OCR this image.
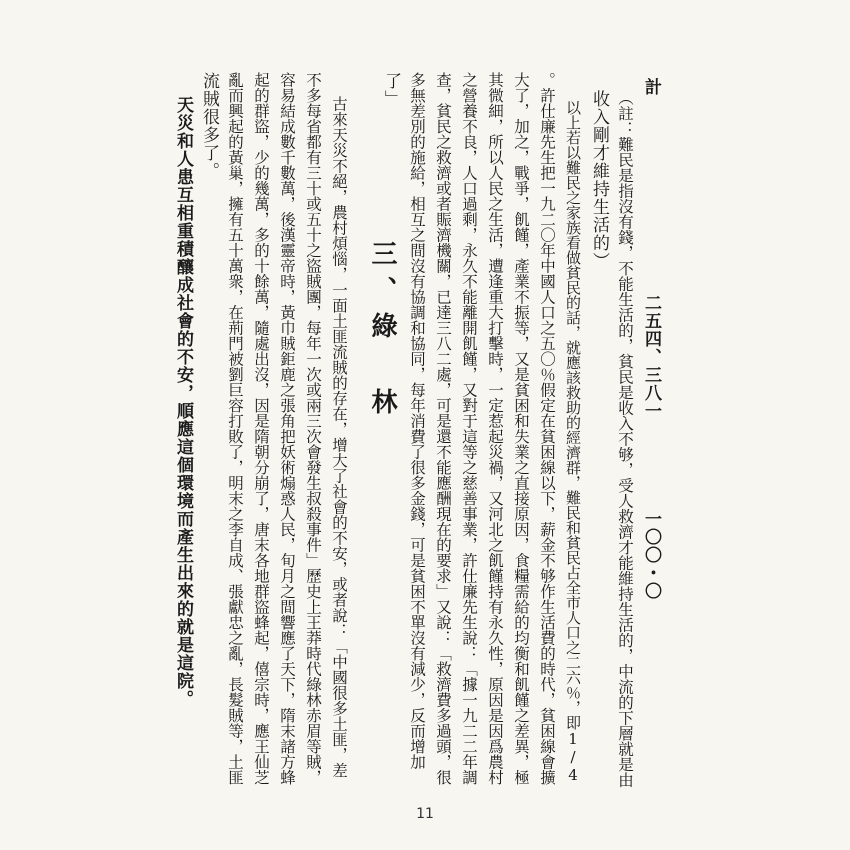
計　　　　　　　　　　　二五四、三八一　　　　　一〇〇・〇
（註：難民是指沒有錢，不能生活的，貧民是收入不够，受人救濟才能維持生活的，中流的下層就是由
收入剛才維持生活的）
以上若以難民之家族看做貧民的話，就應該救助的經濟群，難民和貧民占全市人口之二六％，即1/4
。許仕廉先生把一九二〇年中國人口之五〇％假定在貧困線以下，薪金不够作生活費的時代，貧困線會擴
大了，加之，戰爭，飢饉，產業不振等，又是貧困和失業之直接原因，食糧需給的均衡和飢饉之差異，極
其微細，所以人民之生活，遭逢重大打擊時，一定惹起災禍，又河北之飢饉持有永久性，原因是因爲農村
之營養不良，人口過剩，永久不能離開飢饉，又對于這等之慈善事業，許仕廉先生說：「據一九二二年調
查，貧民之救濟或者賑濟機關，已達三八二處，可是還不能應酬現在的要求」又說：「救濟費多過頭，很
多無差別的施給，相互之間沒有協調和協同，每年消費了很多金錢，可是貧困不單沒有減少，反而增加
了」
三、綠 林
古來天災不絕，農村煩惱，一面土匪流賊的存在，增大了社會的不安，或者說：「中國很多土匪，差
不多每省都有三十或五十之盜賊團，每年一次或兩三次會發生叔殺事件」歷史上王莽時代綠林赤眉等賊，
容易結成數千數萬，後漢靈帝時，黃巾賊鉅鹿之張角把妖術煽惑人民，旬月之間響應了天下，隋末諸方蜂
起的群盜，少的幾萬，多的十餘萬，隨處出沒，因是隋朝分崩了，唐末各地群盜蜂起，僖宗時，應王仙芝
亂而興起的黃巢，擁有五十萬衆，在荊門被劉巨容打敗了，明末之李自成、張獻忠之亂，長髮賊等，土匪
流賊很多了。
天災和人患互相重積釀成社會的不安，順應這個環境而產生出來的就是這院。
11
